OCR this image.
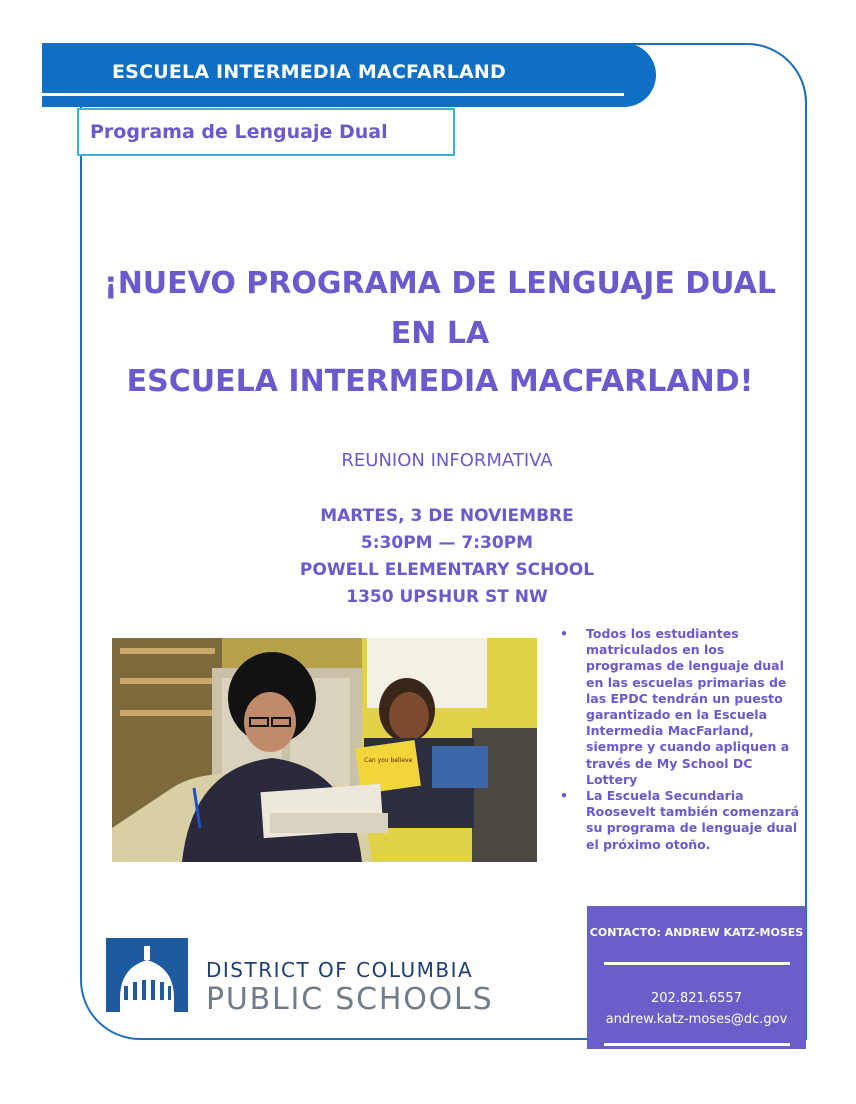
ESCUELA INTERMEDIA MACFARLAND
Programa de Lenguaje Dual
¡NUEVO PROGRAMA DE LENGUAJE DUAL
EN LA
ESCUELA INTERMEDIA MACFARLAND!
REUNION INFORMATIVA
MARTES, 3 DE NOVIEMBRE
5:30PM — 7:30PM
POWELL ELEMENTARY SCHOOL
1350 UPSHUR ST NW
Can you believe
• Todos los estudiantes matriculados en los programas de lenguaje dual en las escuelas primarias de las EPDC tendrán un puesto garantizado en la Escuela Intermedia MacFarland, siempre y cuando apliquen a través de My School DC Lottery
• La Escuela Secundaria Roosevelt también comenzará su programa de lenguaje dual el próximo otoño.
CONTACTO: ANDREW KATZ-MOSES
202.821.6557
andrew.katz-moses@dc.gov
DISTRICT OF COLUMBIA
PUBLIC SCHOOLS
